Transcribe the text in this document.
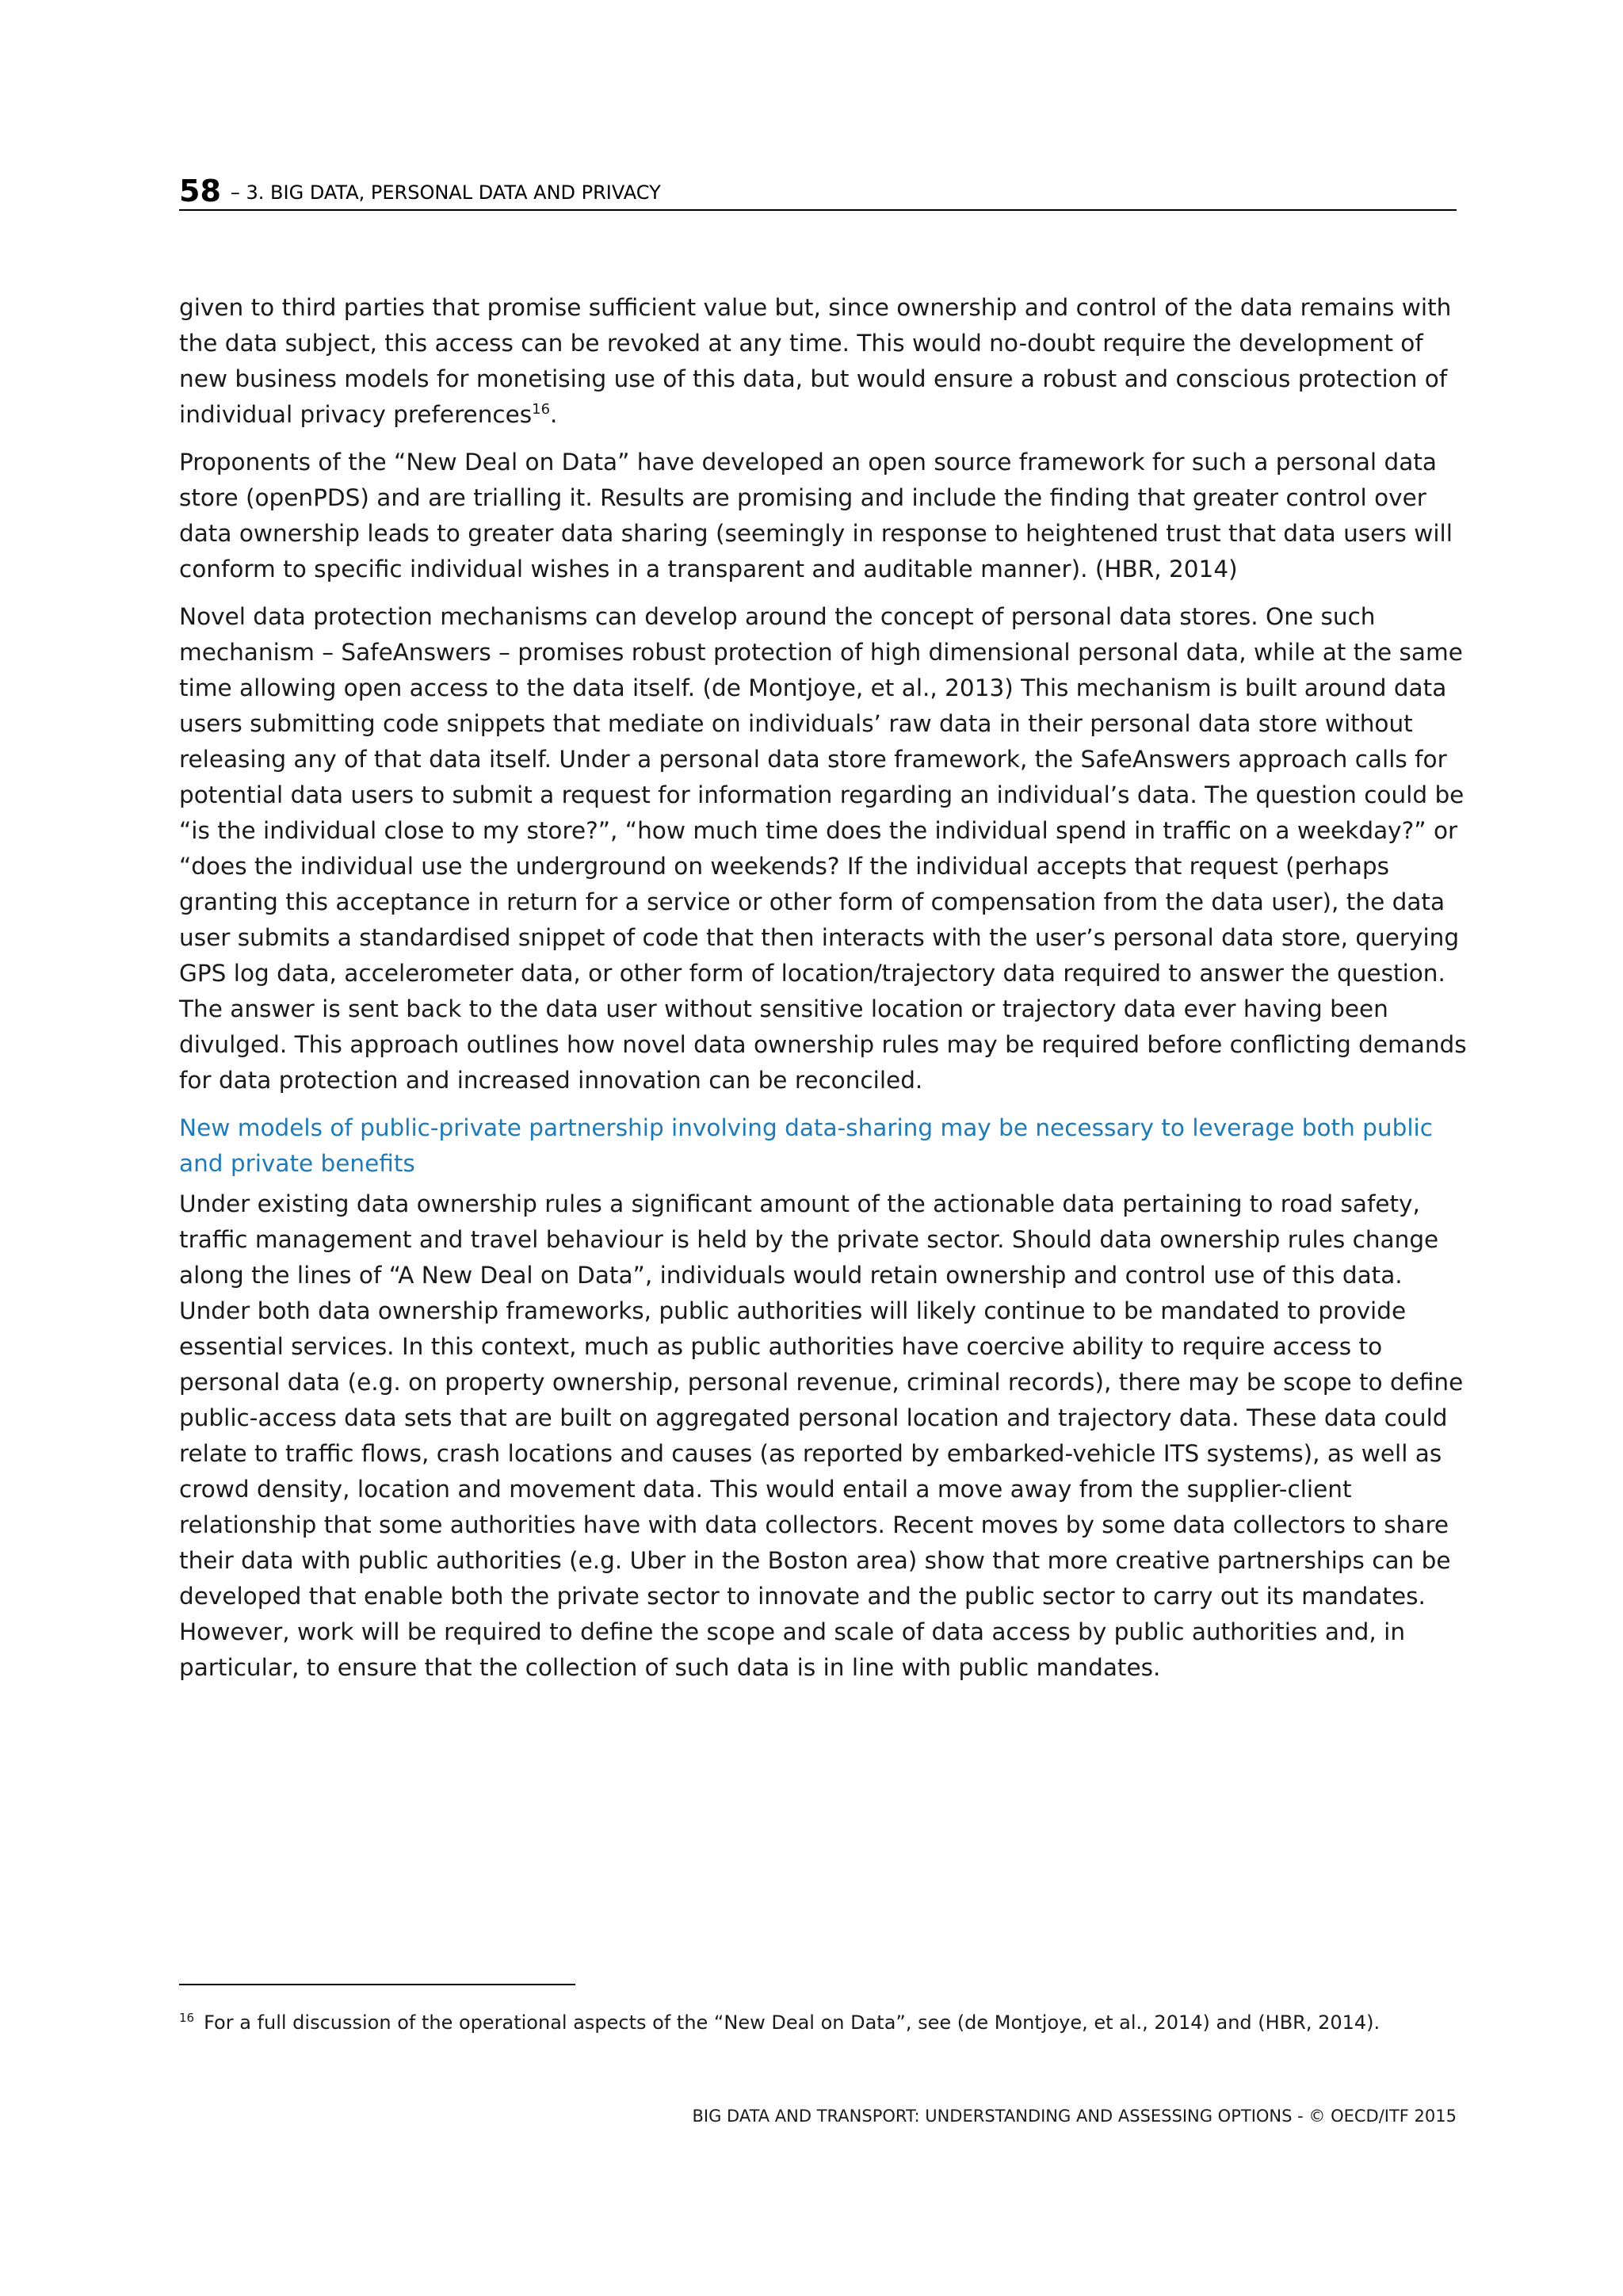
58 – 3. BIG DATA, PERSONAL DATA AND PRIVACY

given to third parties that promise sufficient value but, since ownership and control of the data remains with the data subject, this access can be revoked at any time. This would no-doubt require the development of new business models for monetising use of this data, but would ensure a robust and conscious protection of individual privacy preferences$^{16}$.

Proponents of the “New Deal on Data” have developed an open source framework for such a personal data store (openPDS) and are trialling it. Results are promising and include the finding that greater control over data ownership leads to greater data sharing (seemingly in response to heightened trust that data users will conform to specific individual wishes in a transparent and auditable manner). (HBR, 2014)

Novel data protection mechanisms can develop around the concept of personal data stores. One such mechanism – SafeAnswers – promises robust protection of high dimensional personal data, while at the same time allowing open access to the data itself. (de Montjoye, et al., 2013) This mechanism is built around data users submitting code snippets that mediate on individuals’ raw data in their personal data store without releasing any of that data itself. Under a personal data store framework, the SafeAnswers approach calls for potential data users to submit a request for information regarding an individual’s data. The question could be “is the individual close to my store?”, “how much time does the individual spend in traffic on a weekday?” or “does the individual use the underground on weekends? If the individual accepts that request (perhaps granting this acceptance in return for a service or other form of compensation from the data user), the data user submits a standardised snippet of code that then interacts with the user’s personal data store, querying GPS log data, accelerometer data, or other form of location/trajectory data required to answer the question. The answer is sent back to the data user without sensitive location or trajectory data ever having been divulged. This approach outlines how novel data ownership rules may be required before conflicting demands for data protection and increased innovation can be reconciled.

New models of public-private partnership involving data-sharing may be necessary to leverage both public and private benefits

Under existing data ownership rules a significant amount of the actionable data pertaining to road safety, traffic management and travel behaviour is held by the private sector. Should data ownership rules change along the lines of “A New Deal on Data”, individuals would retain ownership and control use of this data. Under both data ownership frameworks, public authorities will likely continue to be mandated to provide essential services. In this context, much as public authorities have coercive ability to require access to personal data (e.g. on property ownership, personal revenue, criminal records), there may be scope to define public-access data sets that are built on aggregated personal location and trajectory data. These data could relate to traffic flows, crash locations and causes (as reported by embarked-vehicle ITS systems), as well as crowd density, location and movement data. This would entail a move away from the supplier-client relationship that some authorities have with data collectors. Recent moves by some data collectors to share their data with public authorities (e.g. Uber in the Boston area) show that more creative partnerships can be developed that enable both the private sector to innovate and the public sector to carry out its mandates. However, work will be required to define the scope and scale of data access by public authorities and, in particular, to ensure that the collection of such data is in line with public mandates.

$^{16}$ For a full discussion of the operational aspects of the “New Deal on Data”, see (de Montjoye, et al., 2014) and (HBR, 2014).
BIG DATA AND TRANSPORT: UNDERSTANDING AND ASSESSING OPTIONS - © OECD/ITF 2015
